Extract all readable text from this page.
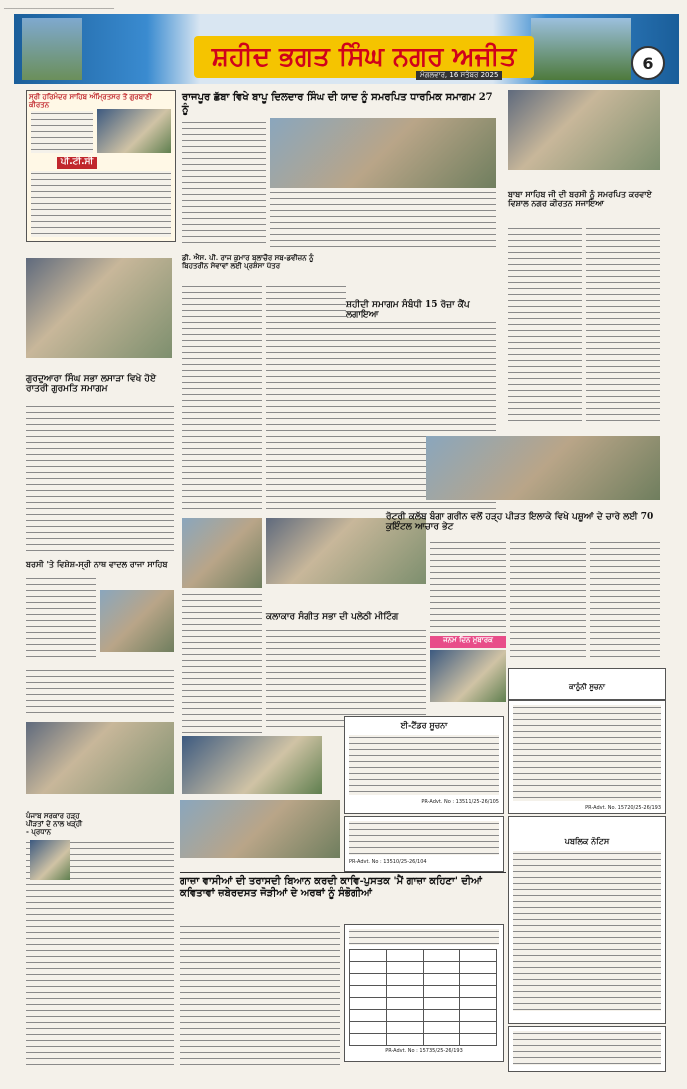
____________________________________________
ਸ਼ਹੀਦ ਭਗਤ ਸਿੰਘ ਨਗਰ ਅਜੀਤ
ਮੰਗਲਵਾਰ, 16 ਸਤੰਬਰ 2025
6
ਸ੍ਰੀ ਹਰਿਮੰਦਰ ਸਾਹਿਬ ਅੰਮ੍ਰਿਤਸਰ ਤੋਂ ਗੁਰਬਾਣੀ ਕੀਰਤਨ
ਪੀ.ਟੀ.ਸੀ
ਗੁਰਦੁਆਰਾ ਸਿੰਘ ਸਭਾ ਲਸਾੜਾ ਵਿਖੇ ਹੋਏ ਰਾਤਰੀ ਗੁਰਮਤਿ ਸਮਾਗਮ
ਬਰਸੀ 'ਤੇ ਵਿਸ਼ੇਸ਼-ਸ੍ਰੀ ਨਾਥ ਵਾਦਲ ਰਾਜਾ ਸਾਹਿਬ
ਪੰਜਾਬ ਸਰਕਾਰ ਹੜ੍ਹ ਪੀੜਤਾਂ ਦੇ ਨਾਲ ਖੜ੍ਹੀ - ਪ੍ਰਧਾਨ
ਰਾਜਪੂਰ ਛੱਬਾ ਵਿਖੇ ਬਾਪੂ ਦਿਲਦਾਰ ਸਿੰਘ ਦੀ ਯਾਦ ਨੂੰ ਸਮਰਪਿਤ ਧਾਰਮਿਕ ਸਮਾਗਮ 27 ਨੂੰ
ਡੀ. ਐਸ. ਪੀ. ਰਾਜ ਕੁਮਾਰ ਬਲਾਚੌਰ ਸਬ-ਡਵੀਜ਼ਨ ਨੂੰ ਬਿਹਤਰੀਨ ਸੇਵਾਵਾਂ ਲਈ ਪ੍ਰਸ਼ੰਸਾ ਪੱਤਰ
ਸ਼ਹੀਦੀ ਸਮਾਗਮ ਸੰਬੰਧੀ 15 ਰੋਜ਼ਾ ਕੈਂਪ ਲਗਾਇਆ
ਕਲਾਕਾਰ ਸੰਗੀਤ ਸਭਾ ਦੀ ਪਲੇਠੀ ਮੀਟਿੰਗ
ਗਾਜ਼ਾ ਵਾਸੀਆਂ ਦੀ ਤਰਾਸਦੀ ਬਿਆਨ ਕਰਦੀ ਕਾਵਿ-ਪੁਸਤਕ 'ਮੈਂ ਗਾਜ਼ਾ ਕਹਿਣਾ' ਦੀਆਂ ਕਵਿਤਾਵਾਂ ਜ਼ਬੇਰਦਸਤ ਜੋੜੀਆਂ ਦੇ ਅਰਥਾਂ ਨੂੰ ਸੰਭੋਗੀਆਂ
ਈ-ਟੈਂਡਰ ਸੂਚਨਾ
PR-Advt. No : 13511/25-26/105
PR-Advt. No : 13510/25-26/104

PR-Advt. No : 15735/25-26/193
ਬਾਬਾ ਸਾਹਿਬ ਜੀ ਦੀ ਬਰਸੀ ਨੂੰ ਸਮਰਪਿਤ ਕਰਵਾਏ ਵਿਸ਼ਾਲ ਨਗਰ ਕੀਰਤਨ ਸਜਾਇਆ
ਰੋਟਰੀ ਕਲੱਬ ਬੰਗਾ ਗਰੀਨ ਵਲੋਂ ਹੜ੍ਹ ਪੀੜਤ ਇਲਾਕੇ ਵਿਖੇ ਪਸ਼ੂਆਂ ਦੇ ਚਾਰੇ ਲਈ 70 ਕੁਇੰਟਲ ਆਚਾਰ ਭੇਟ
ਜਨਮ ਦਿਨ ਮੁਬਾਰਕ
ਕਾਨੂੰਨੀ ਸੂਚਨਾ
PR-Advt. No. 15720/25-26/193
ਪਬਲਿਕ ਨੋਟਿਸ
